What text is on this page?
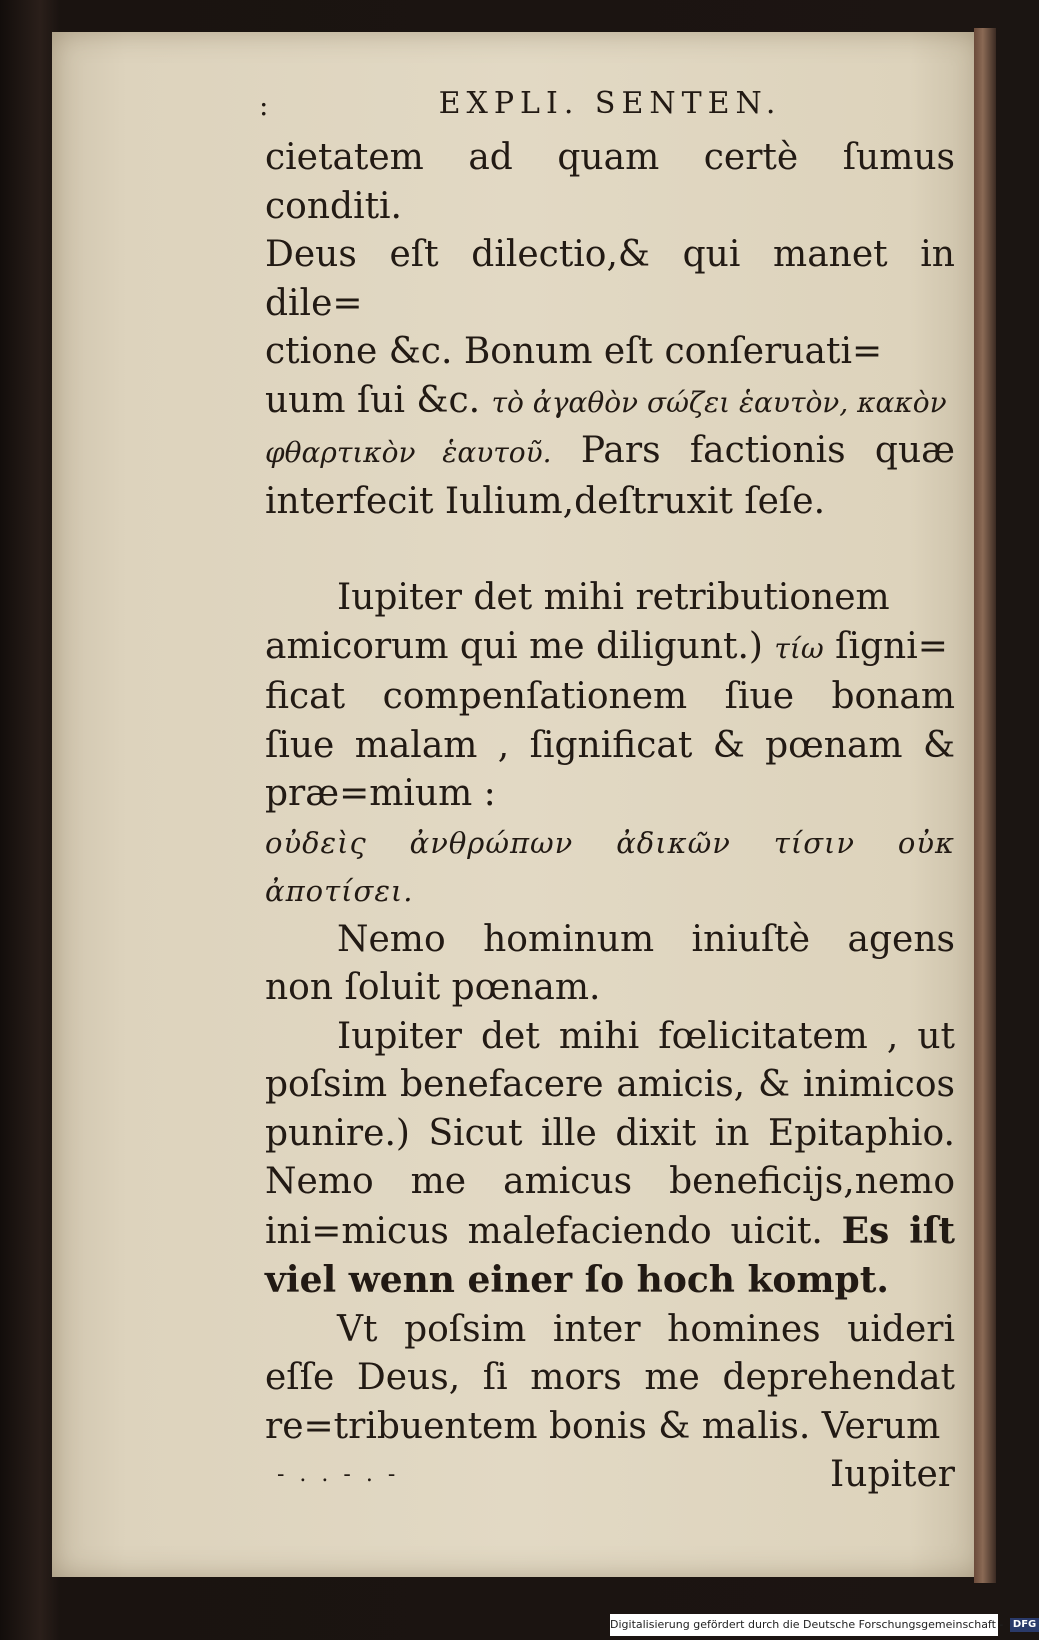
:	EXPLI. SENTEN.
cietatem ad quam certè ſumus conditi.
Deus eſt dilectio,& qui manet in dile=
ctione &c. Bonum eſt conſeruati=
uum ſui &c. τὸ ἀγαθὸν σώζει ἑαυτὸν, κακὸν
φθαρτικὸν ἑαυτοῦ. Pars factionis quæ interfecit Iulium,deſtruxit ſeſe.
Iupiter det mihi retributionem
amicorum qui me diligunt.) τίω ſigni=
ficat compenſationem ſiue bonam ſiue malam , ſignificat & pœnam & præ=mium :
οὐδεὶς ἀνθρώπων ἀδικῶν τίσιν οὐκ ἀποτίσει.
Nemo hominum iniuſtè agens non ſoluit pœnam.
Iupiter det mihi fœlicitatem , ut poſsim benefacere amicis, & inimicos punire.) Sicut ille dixit in Epitaphio. Nemo me amicus beneficijs,nemo ini=micus malefaciendo uicit. Es iſt viel wenn einer ſo hoch kompt.
Vt poſsim inter homines uideri eſſe Deus, ſi mors me deprehendat re=tribuentem bonis & malis. Verum
- . . - . -	Iupiter
Digitalisierung gefördert durch die Deutsche Forschungsgemeinschaft - DFG
